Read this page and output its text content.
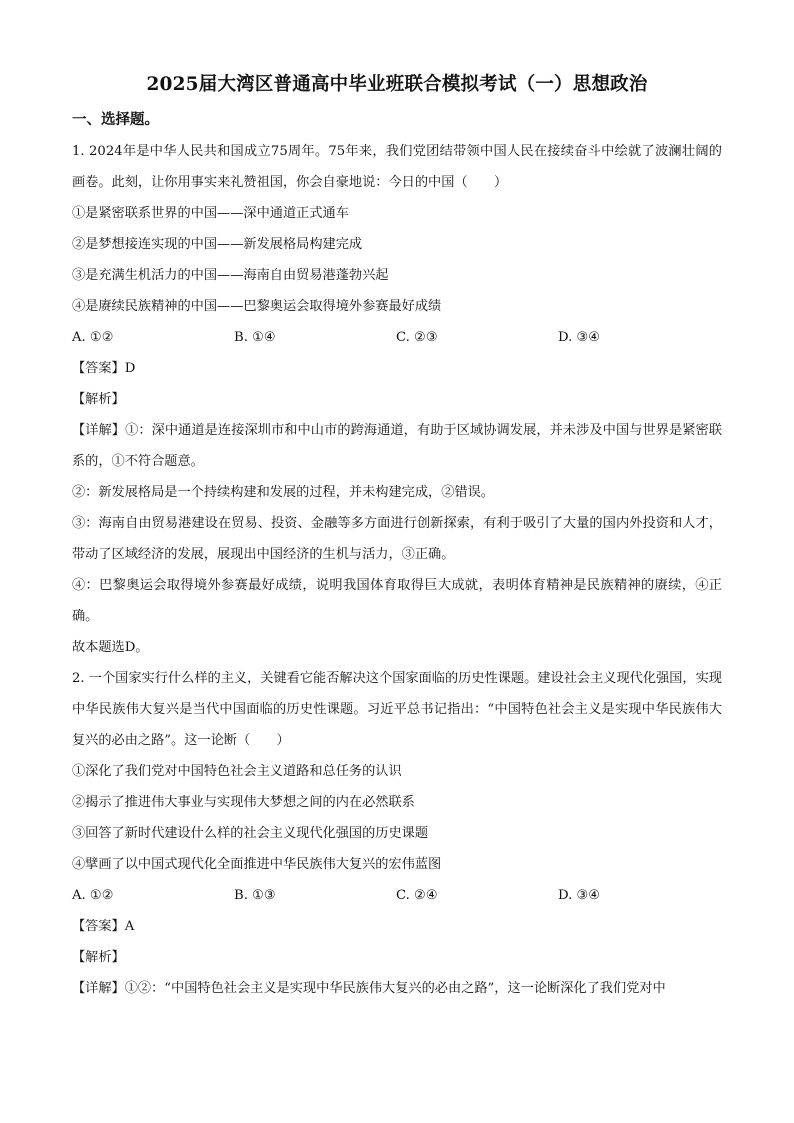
2025届大湾区普通高中毕业班联合模拟考试（一）思想政治
一、选择题。

1. 2024年是中华人民共和国成立75周年。75年来，我们党团结带领中国人民在接续奋斗中绘就了波澜壮阔的画卷。此刻，让你用事实来礼赞祖国，你会自豪地说：今日的中国（　　）

①是紧密联系世界的中国——深中通道正式通车

②是梦想接连实现的中国——新发展格局构建完成

③是充满生机活力的中国——海南自由贸易港蓬勃兴起

④是赓续民族精神的中国——巴黎奥运会取得境外参赛最好成绩

A. ①②	B. ①④	C. ②③	D. ③④

【答案】D

【解析】

【详解】①：深中通道是连接深圳市和中山市的跨海通道，有助于区域协调发展，并未涉及中国与世界是紧密联系的，①不符合题意。

②：新发展格局是一个持续构建和发展的过程，并未构建完成，②错误。

③：海南自由贸易港建设在贸易、投资、金融等多方面进行创新探索，有利于吸引了大量的国内外投资和人才，带动了区域经济的发展，展现出中国经济的生机与活力，③正确。

④：巴黎奥运会取得境外参赛最好成绩，说明我国体育取得巨大成就，表明体育精神是民族精神的赓续，④正确。

故本题选D。

2. 一个国家实行什么样的主义，关键看它能否解决这个国家面临的历史性课题。建设社会主义现代化强国，实现中华民族伟大复兴是当代中国面临的历史性课题。习近平总书记指出：“中国特色社会主义是实现中华民族伟大复兴的必由之路”。这一论断（　　）

①深化了我们党对中国特色社会主义道路和总任务的认识

②揭示了推进伟大事业与实现伟大梦想之间的内在必然联系

③回答了新时代建设什么样的社会主义现代化强国的历史课题

④擘画了以中国式现代化全面推进中华民族伟大复兴的宏伟蓝图

A. ①②	B. ①③	C. ②④	D. ③④

【答案】A

【解析】

【详解】①②：“中国特色社会主义是实现中华民族伟大复兴的必由之路”，这一论断深化了我们党对中
